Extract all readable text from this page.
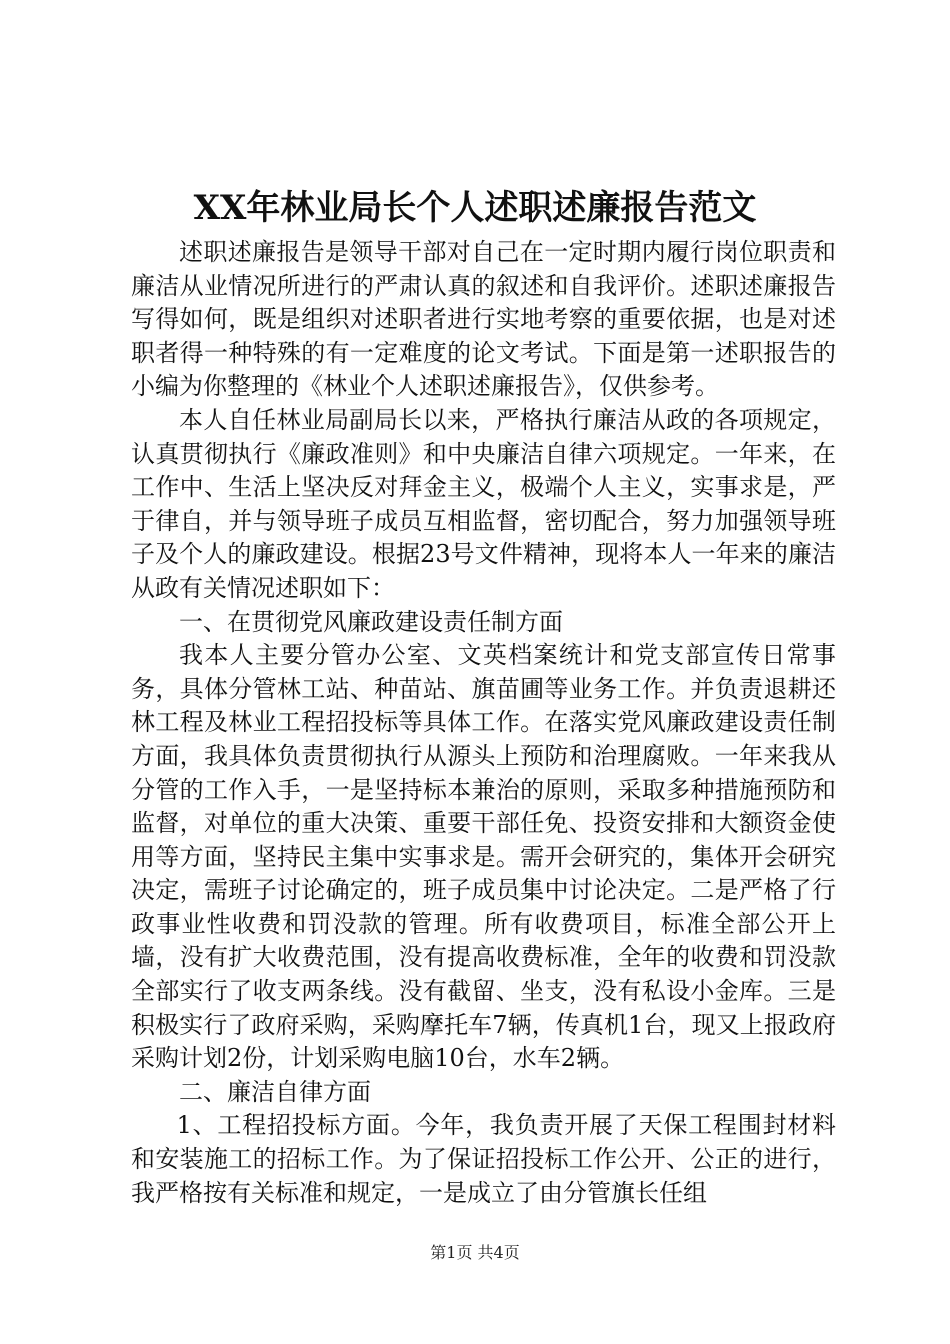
XX年林业局长个人述职述廉报告范文

述职述廉报告是领导干部对自己在一定时期内履行岗位职责和廉洁从业情况所进行的严肃认真的叙述和自我评价。述职述廉报告写得如何，既是组织对述职者进行实地考察的重要依据，也是对述职者得一种特殊的有一定难度的论文考试。下面是第一述职报告的小编为你整理的《林业个人述职述廉报告》，仅供参考。

本人自任林业局副局长以来，严格执行廉洁从政的各项规定，认真贯彻执行《廉政准则》和中央廉洁自律六项规定。一年来，在工作中、生活上坚决反对拜金主义，极端个人主义，实事求是，严于律自，并与领导班子成员互相监督，密切配合，努力加强领导班子及个人的廉政建设。根据23号文件精神，现将本人一年来的廉洁从政有关情况述职如下：

一、在贯彻党风廉政建设责任制方面

我本人主要分管办公室、文英档案统计和党支部宣传日常事务，具体分管林工站、种苗站、旗苗圃等业务工作。并负责退耕还林工程及林业工程招投标等具体工作。在落实党风廉政建设责任制方面，我具体负责贯彻执行从源头上预防和治理腐败。一年来我从分管的工作入手，一是坚持标本兼治的原则，采取多种措施预防和监督，对单位的重大决策、重要干部任免、投资安排和大额资金使用等方面，坚持民主集中实事求是。需开会研究的，集体开会研究决定，需班子讨论确定的，班子成员集中讨论决定。二是严格了行政事业性收费和罚没款的管理。所有收费项目，标准全部公开上墙，没有扩大收费范围，没有提高收费标准，全年的收费和罚没款全部实行了收支两条线。没有截留、坐支，没有私设小金库。三是积极实行了政府采购，采购摩托车7辆，传真机1台，现又上报政府采购计划2份，计划采购电脑10台，水车2辆。

二、廉洁自律方面

1、工程招投标方面。今年，我负责开展了天保工程围封材料和安装施工的招标工作。为了保证招投标工作公开、公正的进行，我严格按有关标准和规定，一是成立了由分管旗长任组

第1页 共4页
